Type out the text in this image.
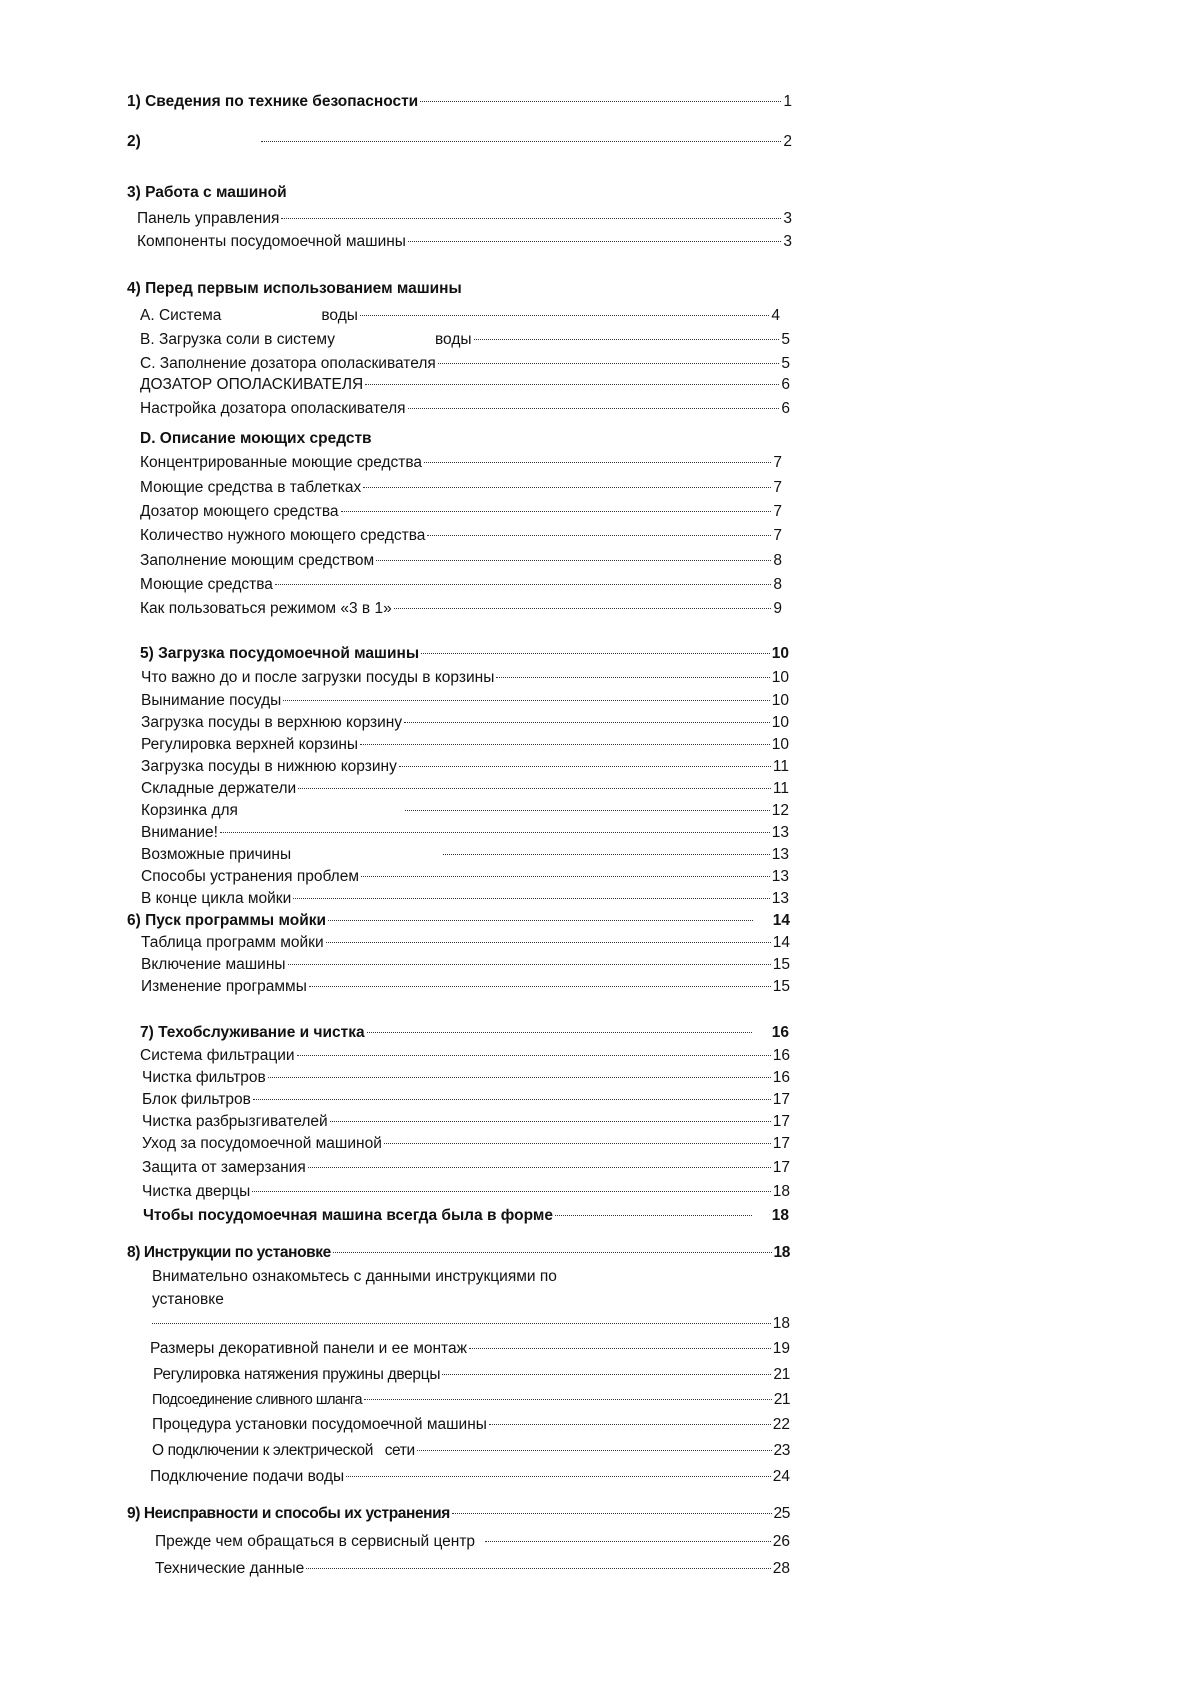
1) Сведения по технике безопасности	1
2)	2
3) Работа с машиной
Панель управления	3
Компоненты посудомоечной машины	3
4) Перед первым использованием машины
A. Система	воды	4
B. Загрузка соли в систему	воды	5
C. Заполнение дозатора ополаскивателя	5
ДОЗАТОР ОПОЛАСКИВАТЕЛЯ	6
Настройка дозатора ополаскивателя	6
D. Описание моющих средств
Концентрированные моющие средства	7
Моющие средства в таблетках	7
Дозатор моющего средства	7
Количество нужного моющего средства	7
Заполнение моющим средством	8
Моющие средства	8
Как пользоваться режимом «3 в 1»	9
5) Загрузка посудомоечной машины	10
Что важно до и после загрузки посуды в корзины	10
Вынимание посуды	10
Загрузка посуды в верхнюю корзину	10
Регулировка верхней корзины	10
Загрузка посуды в нижнюю корзину	11
Складные держатели	11
Корзинка для	12
Внимание!	13
Возможные причины	13
Способы устранения проблем	13
В конце цикла мойки	13
6) Пуск программы мойки	14
Таблица программ мойки	14
Включение машины	15
Изменение программы	15
7) Техобслуживание и чистка	16
Система фильтрации	16
Чистка фильтров	16
Блок фильтров	17
Чистка разбрызгивателей	17
Уход за посудомоечной машиной	17
Защита от замерзания	17
Чистка дверцы	18
Чтобы посудомоечная машина всегда была в форме	18
8) Инструкции по установке	18
Внимательно ознакомьтесь с данными инструкциями по
установке
18
Размеры декоративной панели и ее монтаж	19
Регулировка натяжения пружины дверцы	21
Подсоединение сливного шланга	21
Процедура установки посудомоечной машины	22
О подключении к электрической   сети	23
Подключение подачи воды	24
9) Неисправности и способы их устранения	25
Прежде чем обращаться в сервисный центр	26
Технические данные	28
